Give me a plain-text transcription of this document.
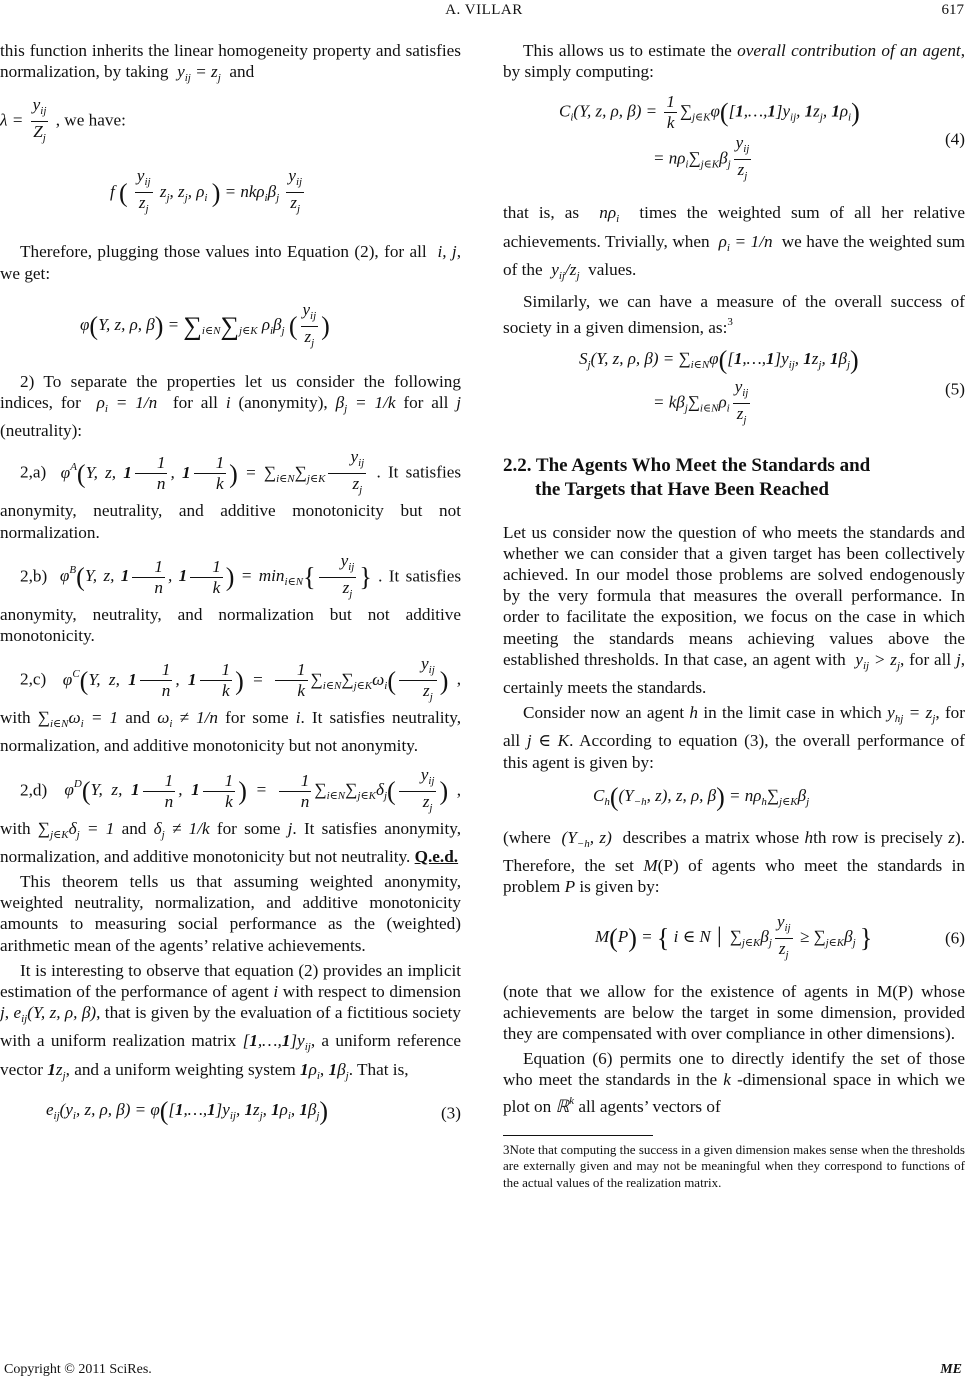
A. VILLAR	617

this function inherits the linear homogeneity property and satisfies normalization, by taking $y_{ij} = z_j$ and

$\lambda = \frac{y_{ij}}{Z_j}$ , we have:

f ( $\frac{y_{ij}}{z_j} z_j$, $z_j$, $\rho_i$ ) = $nk\rho_i\beta_j \frac{y_{ij}}{z_j}$

Therefore, plugging those values into Equation (2), for all  i, j, we get:

φ(Y, z, ρ, $\beta) = \sum_{i\in N}\sum_{j\in K}$ $\rho_i\beta_j$ ( $\frac{y_{ij}}{z_j}$ )

2) To separate the properties let us consider the following indices, for  $\rho_i = 1/n$  for all i (anonymity), $\beta_j = 1/k$ for all j (neutrality):

2,a)  $\varphi^A(Y$, z, $1 \frac{1}{n}$ , $1 \frac{1}{k}$ ) = $\sum_{i\in N}\sum_{j\in K} \frac{y_{ij}}{z_j}$ . It satisfies anonymity, neutrality, and additive monotonicity but not normalization.

2,b)  $\varphi^B(Y$, z, $1 \frac{1}{n}$ , $1 \frac{1}{k}$ ) = $\min_{i\in N}\{ \frac{y_{ij}}{z_j}$ } . It satisfies anonymity, neutrality, and normalization but not additive monotonicity.

2,c)  $\varphi^C(Y$, z, $1 \frac{1}{n}$ , $1 \frac{1}{k}$ ) = $\frac{1}{k} \sum_{i\in N}\sum_{j\in K}\omega_i( \frac{y_{ij}}{z_j}$ ) , with $\sum_{i\in N}\omega_i = 1$ and $\omega_i \ne 1/n$ for some i. It satisfies neutrality, normalization, and additive monotonicity but not anonymity.

2,d)  $\varphi^D(Y$, z, $1 \frac{1}{n}$ , $1 \frac{1}{k}$ ) = $\frac{1}{n} \sum_{i\in N}\sum_{j\in K}\delta_j( \frac{y_{ij}}{z_j}$ ) , with $\sum_{j\in K}\delta_j = 1$ and $\delta_j \ne 1/k$ for some j. It satisfies anonymity, normalization, and additive monotonicity but not neutrality. Q.e.d.

This theorem tells us that assuming weighted anonymity, weighted neutrality, normalization, and additive monotonicity amounts to measuring social performance as the (weighted) arithmetic mean of the agents’ relative achievements.

It is interesting to observe that equation (2) provides an implicit estimation of the performance of agent i with respect to dimension j, $e_{ij}(Y$, z, ρ, β), that is given by the evaluation of a fictitious society with a uniform realization matrix $[1,\dots,1]y_{ij}$, a uniform reference vector $1z_j$, and a uniform weighting system $1\rho_i$, $1\beta_j$. That is,

$e_{ij}(y_i$, z, ρ, $\beta) = \varphi([1,\dots,1]y_{ij}$, $1z_j$, $1\rho_i$, $1\beta_j$)	(3)

This allows us to estimate the overall contribution of an agent, by simply computing:

$C_i(Y$, z, ρ, $\beta) = \frac{1}{k}$ $\sum_{j\in K}\varphi([1,\dots,1]y_{ij}$, $1z_j$, $1\rho_i$)
= $n\rho_i\sum_{j\in K}\beta_j \frac{y_{ij}}{z_j}$	(4)

that is, as  $n\rho_i$ times the weighted sum of all her relative achievements. Trivially, when  $\rho_i = 1/n$  we have the weighted sum of the  $y_{ij}/z_j$ values.

Similarly, we can have a measure of the overall success of society in a given dimension, as:$^3$

$S_j(Y$, z, ρ, $\beta) = \sum_{i\in N}\varphi([1,\dots,1]y_{ij}$, $1z_j$, $1\beta_j$)
= $k\beta_j\sum_{i\in N}\rho_i \frac{y_{ij}}{z_j}$	(5)
2.2. The Agents Who Meet the Standards and
the Targets that Have Been Reached

Let us consider now the question of who meets the standards and whether we can consider that a given target has been collectively achieved. In our model those problems are solved endogenously by the very formula that measures the overall performance. In order to facilitate the exposition, we focus on the case in which meeting the standards means achieving values above the established thresholds. In that case, an agent with  $y_{ij} > z_j$, for all j, certainly meets the standards.

Consider now an agent h in the limit case in which $y_{hj} = z_j$, for all j ∈ K. According to equation (3), the overall performance of this agent is given by:

$C_h((Y_{-h}$, z), z, ρ, $\beta) = n\rho_h\sum_{j\in K}\beta_j$

(where  ($Y_{-h}$, z)  describes a matrix whose hth row is precisely z). Therefore, the set M(P) of agents who meet the standards in problem P is given by:

M(P) = { i ∈ N │ $\sum_{j\in K}\beta_j \frac{y_{ij}}{z_j} \ge \sum_{j\in K}\beta_j$ }	(6)

(note that we allow for the existence of agents in M(P) whose achievements are below the target in some dimension, provided they are compensated with over compliance in other dimensions).

Equation (6) permits one to directly identify the set of those who meet the standards in the k -dimensional space in which we plot on ℝ$^k$ all agents’ vectors of

3Note that computing the success in a given dimension makes sense when the thresholds are externally given and may not be meaningful when they correspond to functions of the actual values of the realization matrix.

Copyright © 2011 SciRes.	ME
